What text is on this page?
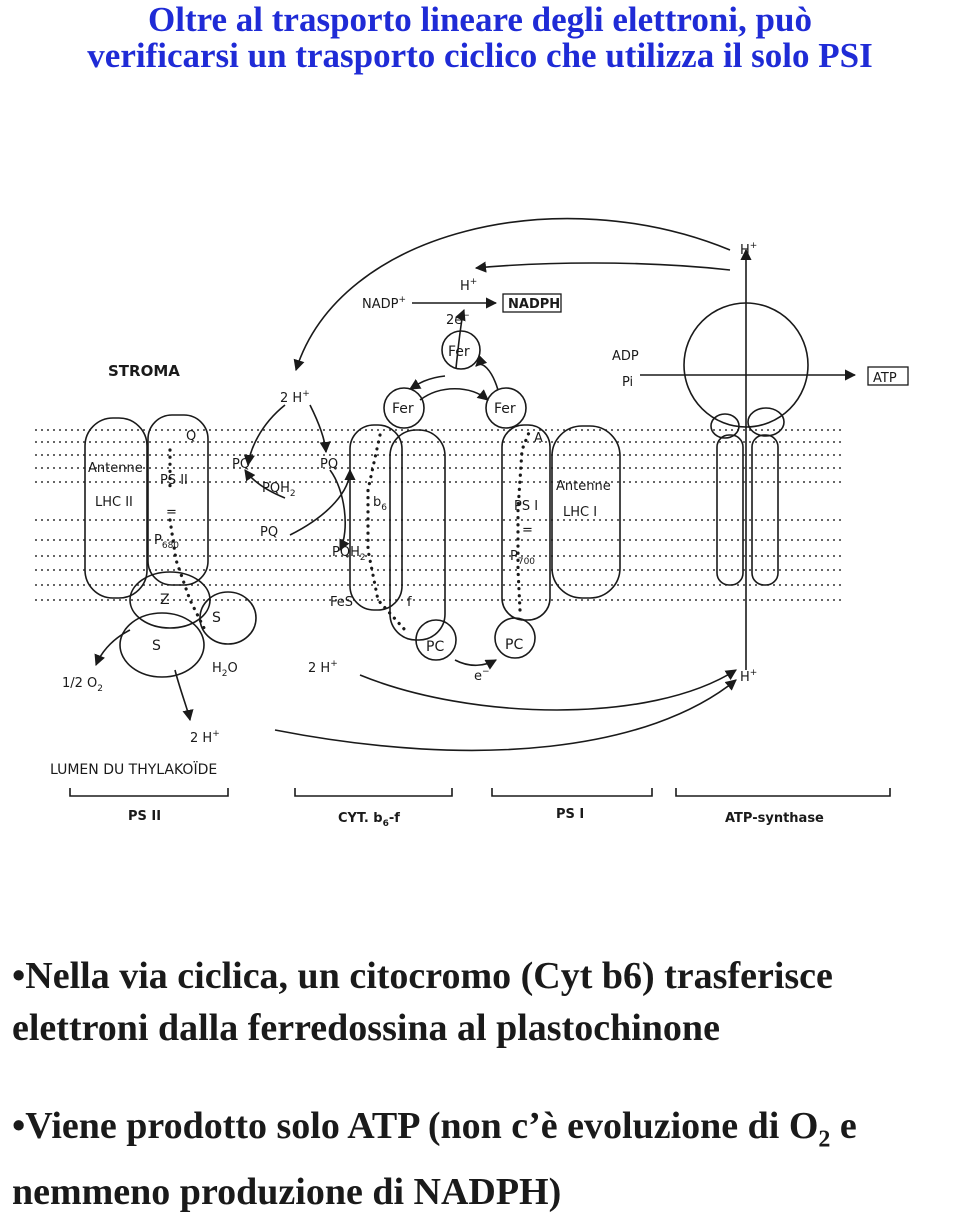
Oltre al trasporto lineare degli elettroni, può
verificarsi un trasporto ciclico che utilizza il solo PSI
STROMA
LUMEN DU THYLAKOÏDE
H+
H+
H+
NADP+	NADPH
2e−
Fer
Fer	Fer
ADP
Pi	ATP
Antenne
LHC II
Antenne
LHC I
PS II
=
$P_{680}$
PS I
=
$P_{700}$
Q
PQ	PQ
$PQH_2$
PQ
$PQH_2$
2 H+
$b_6$
A
FeS	f
PC	PC
e−
Z
S
S
$H_2O$
1/2 $O_2$
2 H+
2 H+
PS II	CYT. $b_6-f$	PS I	ATP-synthase

•Nella via ciclica, un citocromo (Cyt b6) trasferisce elettroni dalla ferredossina al plastochinone

•Viene prodotto solo ATP (non c’è evoluzione di $O_2$ e nemmeno produzione di NADPH)
